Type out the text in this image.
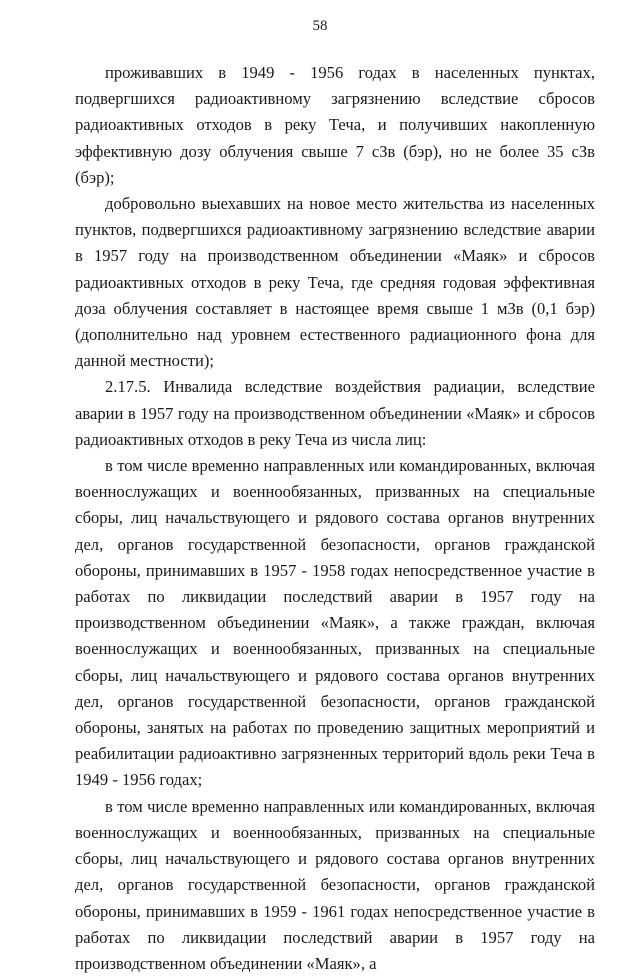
58

проживавших в 1949 - 1956 годах в населенных пунктах, подвергшихся радиоактивному загрязнению вследствие сбросов радиоактивных отходов в реку Теча, и получивших накопленную эффективную дозу облучения свыше 7 сЗв (бэр), но не более 35 сЗв (бэр);

добровольно выехавших на новое место жительства из населенных пунктов, подвергшихся радиоактивному загрязнению вследствие аварии в 1957 году на производственном объединении «Маяк» и сбросов радиоактивных отходов в реку Теча, где средняя годовая эффективная доза облучения составляет в настоящее время свыше 1 мЗв (0,1 бэр) (дополнительно над уровнем естественного радиационного фона для данной местности);

2.17.5. Инвалида вследствие воздействия радиации, вследствие аварии в 1957 году на производственном объединении «Маяк» и сбросов радиоактивных отходов в реку Теча из числа лиц:

в том числе временно направленных или командированных, включая военнослужащих и военнообязанных, призванных на специальные сборы, лиц начальствующего и рядового состава органов внутренних дел, органов государственной безопасности, органов гражданской обороны, принимавших в 1957 - 1958 годах непосредственное участие в работах по ликвидации последствий аварии в 1957 году на производственном объединении «Маяк», а также граждан, включая военнослужащих и военнообязанных, призванных на специальные сборы, лиц начальствующего и рядового состава органов внутренних дел, органов государственной безопасности, органов гражданской обороны, занятых на работах по проведению защитных мероприятий и реабилитации радиоактивно загрязненных территорий вдоль реки Теча в 1949 - 1956 годах;

в том числе временно направленных или командированных, включая военнослужащих и военнообязанных, призванных на специальные сборы, лиц начальствующего и рядового состава органов внутренних дел, органов государственной безопасности, органов гражданской обороны, принимавших в 1959 - 1961 годах непосредственное участие в работах по ликвидации последствий аварии в 1957 году на производственном объединении «Маяк», а
